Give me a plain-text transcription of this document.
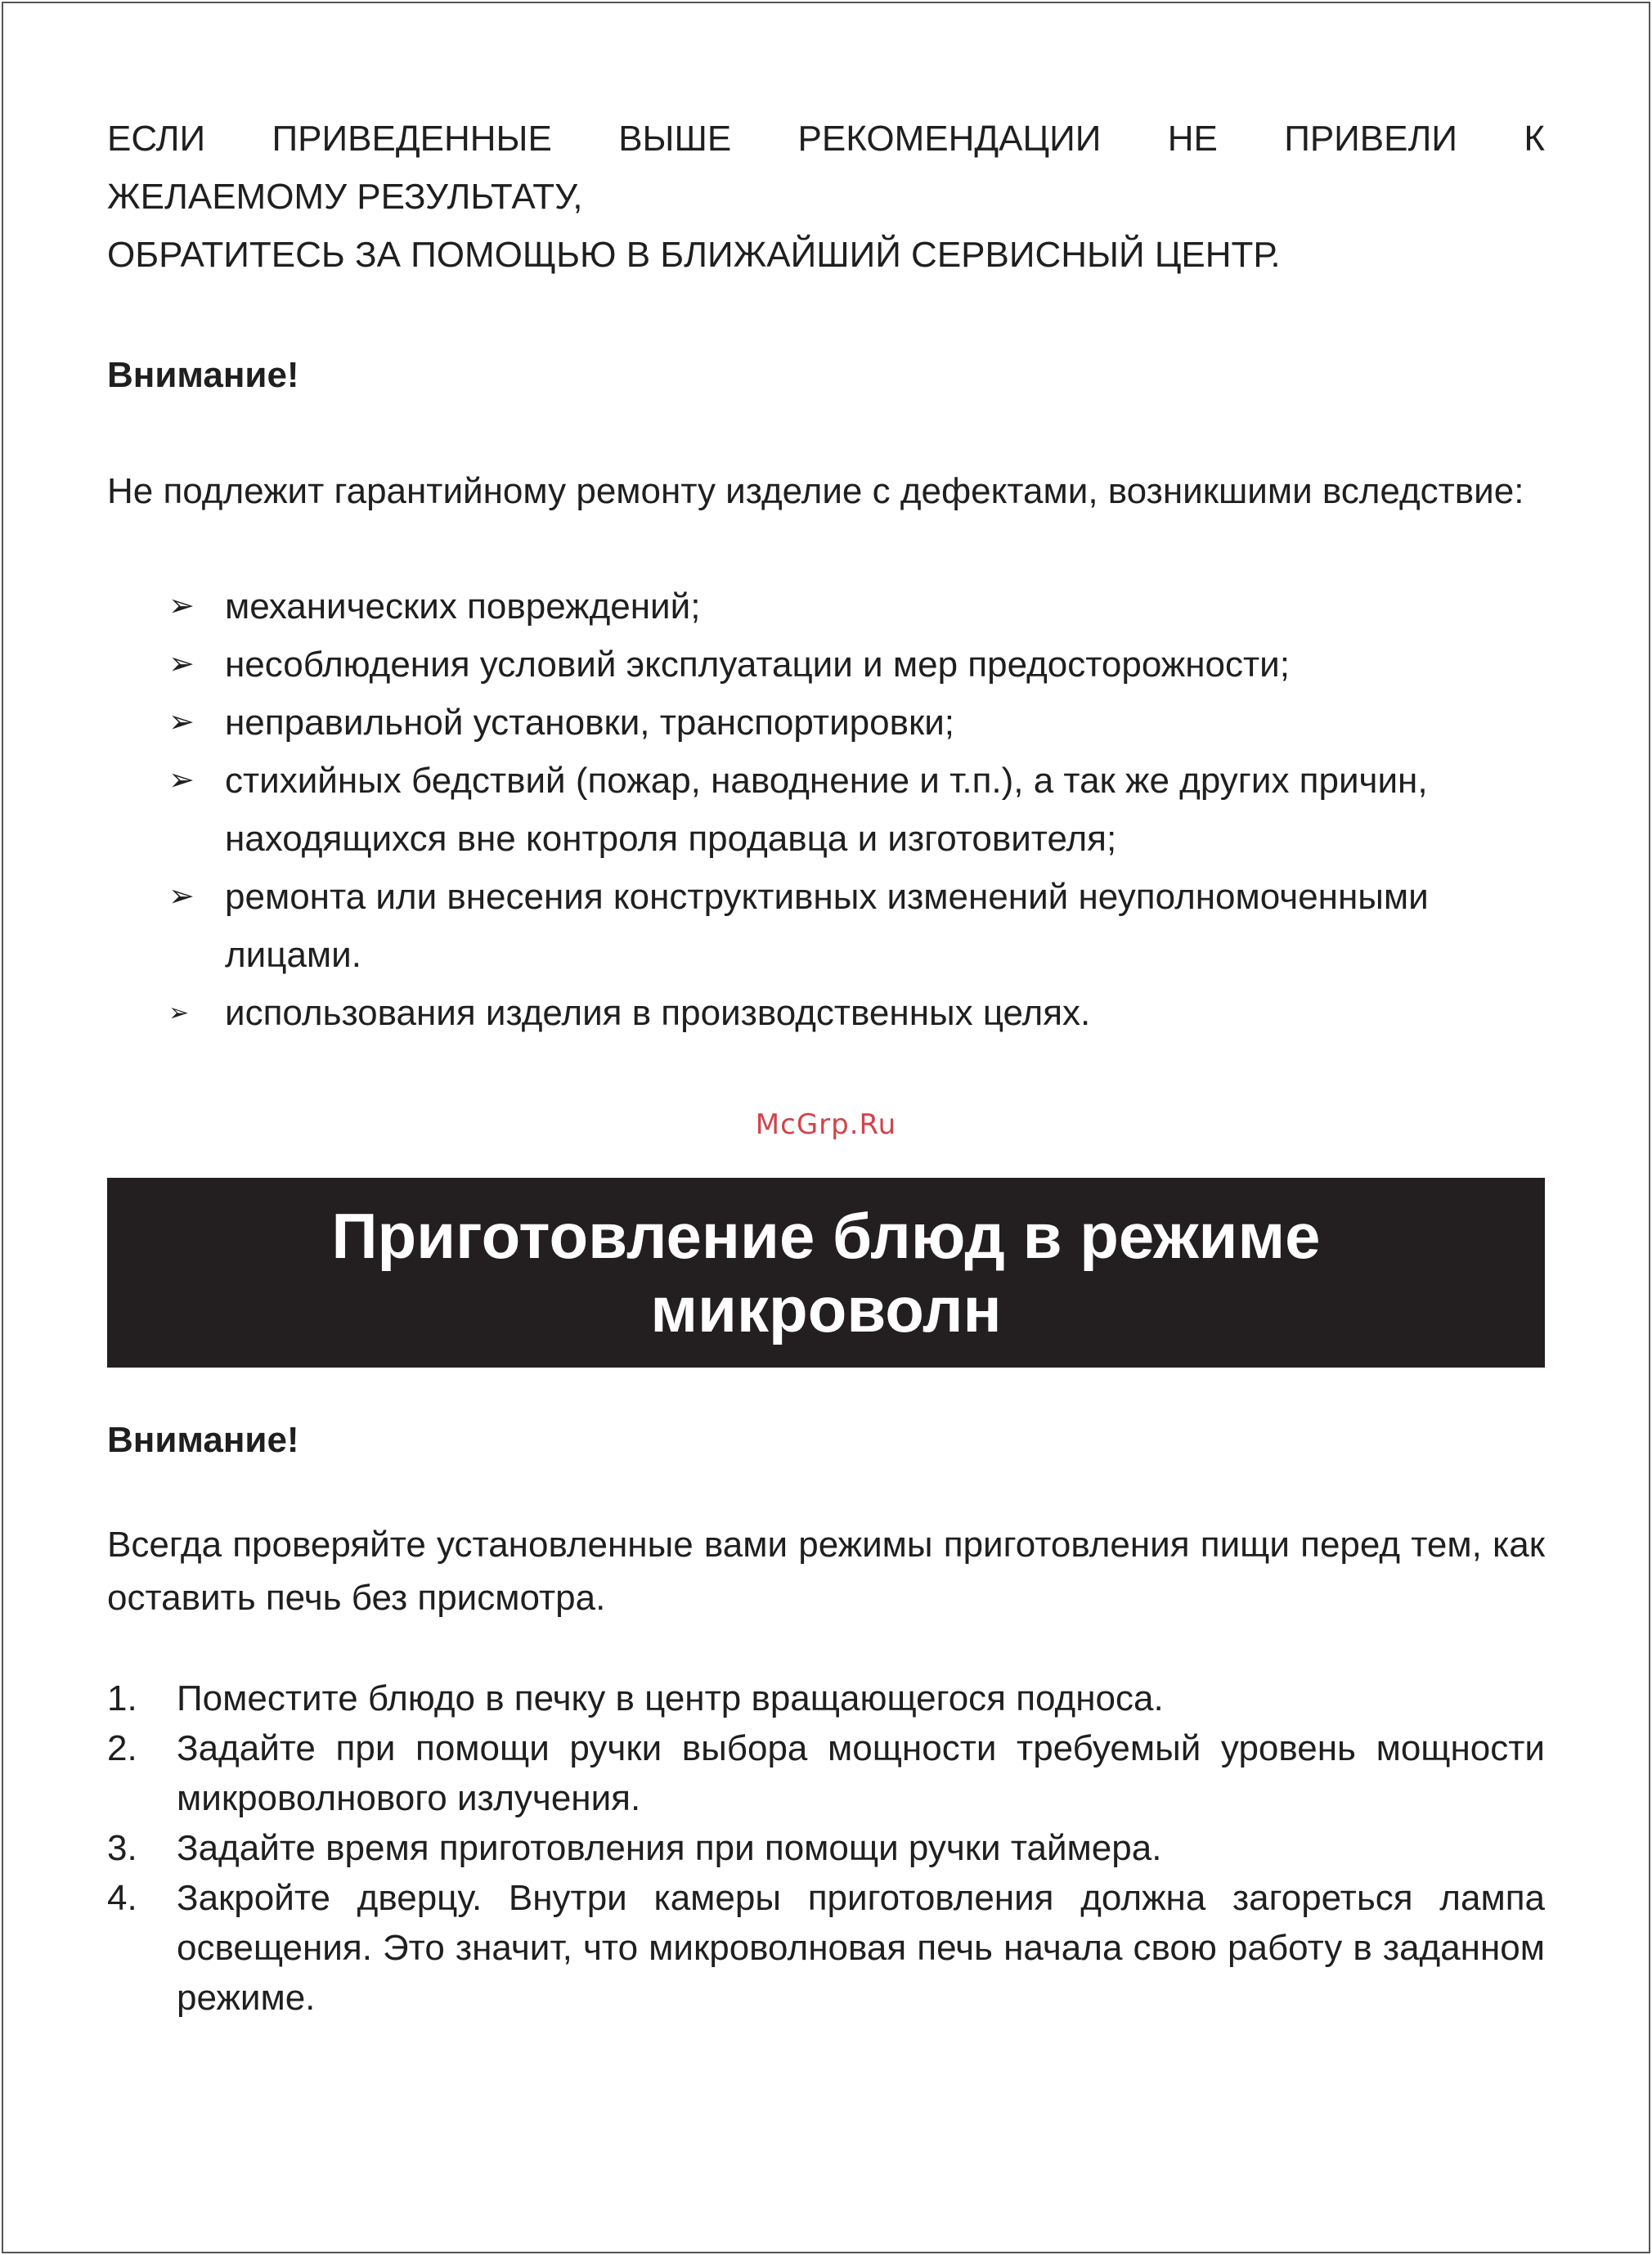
ЕСЛИ ПРИВЕДЕННЫЕ ВЫШЕ РЕКОМЕНДАЦИИ НЕ ПРИВЕЛИ К

ЖЕЛАЕМОМУ РЕЗУЛЬТАТУ,

ОБРАТИТЕСЬ ЗА ПОМОЩЬЮ В БЛИЖАЙШИЙ СЕРВИСНЫЙ ЦЕНТР.

Внимание!

Не подлежит гарантийному ремонту изделие с дефектами, возникшими вследствие:

➢ механических повреждений;
➢ несоблюдения условий эксплуатации и мер предосторожности;
➢ неправильной установки, транспортировки;
➢ стихийных бедствий (пожар, наводнение и т.п.), а так же других причин, находящихся вне контроля продавца и изготовителя;
➢ ремонта или внесения конструктивных изменений неуполномоченными лицами.
➢ использования изделия в производственных целях.
McGrp.Ru
Приготовление блюд в режиме
микроволн

Внимание!

Всегда проверяйте установленные вами режимы приготовления пищи перед тем, как оставить печь без присмотра.

1. Поместите блюдо в печку в центр вращающегося подноса.
2. Задайте при помощи ручки выбора мощности требуемый уровень мощности микроволнового излучения.
3. Задайте время приготовления при помощи ручки таймера.
4. Закройте дверцу. Внутри камеры приготовления должна загореться лампа освещения. Это значит, что микроволновая печь начала свою работу в заданном режиме.
